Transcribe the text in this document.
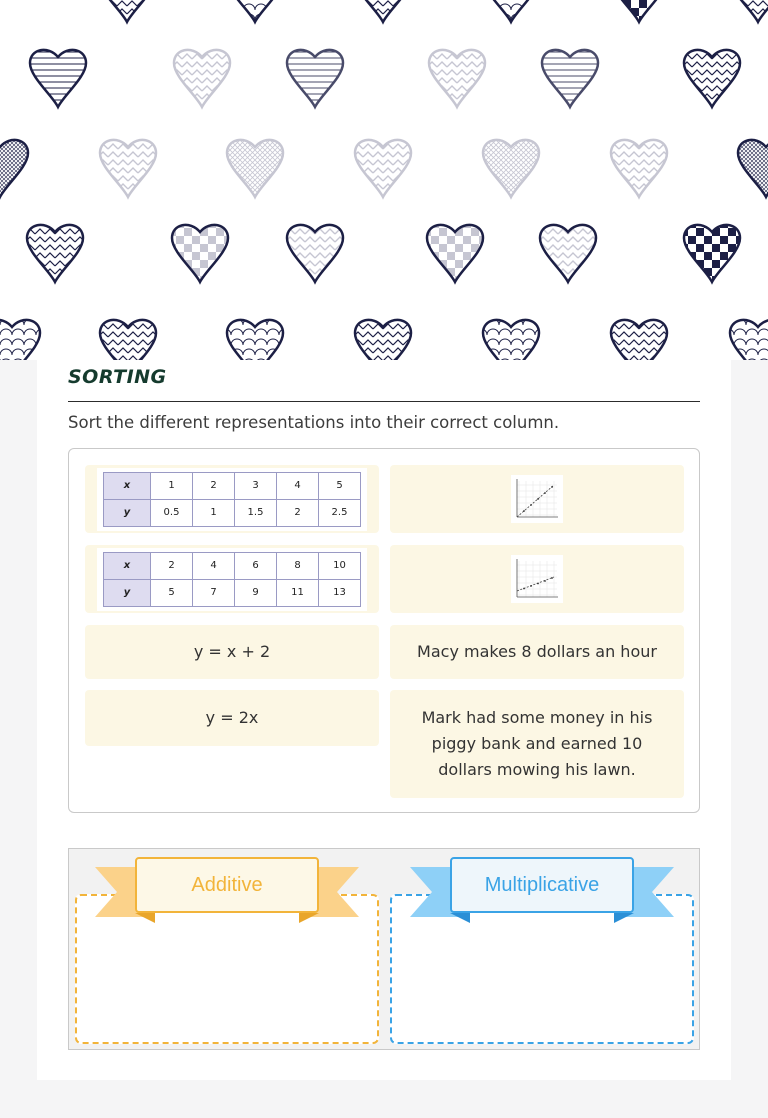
SORTING
Sort the different representations into their correct column.
x	1	2	3	4	5
y	0.5	1	1.5	2	2.5
x	2	4	6	8	10
y	5	7	9	11	13
y = x + 2	Macy makes 8 dollars an hour
y = 2x	Mark had some money in his piggy bank and earned 10 dollars mowing his lawn.
Additive	Multiplicative
